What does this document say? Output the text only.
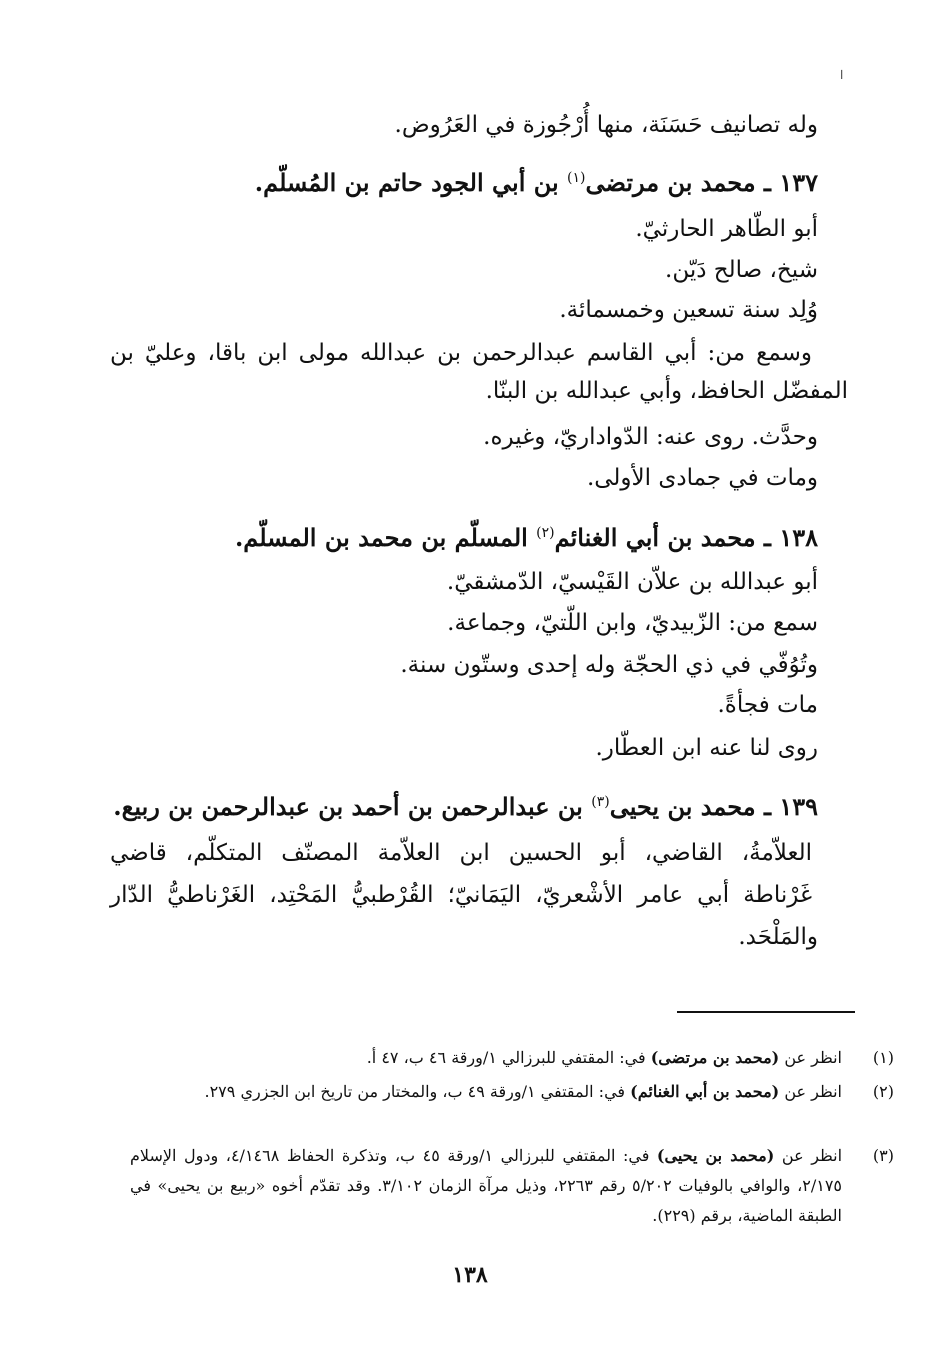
ا
وله تصانيف حَسَنَة، منها أُرْجُوزة في العَرُوض.
١٣٧ ـ محمد بن مرتضى$^{(١)}$ بن أبي الجود حاتم بن المُسلّم.
أبو الطّاهر الحارثيّ.
شيخ، صالح دَيّن.
وُلِد سنة تسعين وخمسمائة.
وسمع من: أبي القاسم عبدالرحمن بن عبدالله مولى ابن باقا، وعليّ بن
المفضّل الحافظ، وأبي عبدالله بن البنّا.
وحدَّث. روى عنه: الدّواداريّ، وغيره.
ومات في جمادى الأولى.
١٣٨ ـ محمد بن أبي الغنائم$^{(٢)}$ المسلّم بن محمد بن المسلّم.
أبو عبدالله بن علاّن القَيْسيّ، الدّمشقيّ.
سمع من: الزّبيديّ، وابن اللّتيّ، وجماعة.
وتُوُفّي في ذي الحجّة وله إحدى وستّون سنة.
مات فجأةً.
روى لنا عنه ابن العطّار.
١٣٩ ـ محمد بن يحيى$^{(٣)}$ بن عبدالرحمن بن أحمد بن عبدالرحمن بن ربيع.
العلاّمةُ، القاضي، أبو الحسين ابن العلاّمة المصنّف المتكلّم، قاضي
غَرْناطة أبي عامر الأشْعريّ، اليَمَانيّ؛ القُرْطبيُّ المَحْتِد، الغَرْناطيُّ الدّار
والمَلْحَد.
(١)
انظر عن (محمد بن مرتضى) في: المقتفي للبرزالي ١/ورقة ٤٦ ب، ٤٧ أ.
(٢)
انظر عن (محمد بن أبي الغنائم) في: المقتفي ١/ورقة ٤٩ ب، والمختار من تاريخ ابن الجزري ٢٧٩.
(٣)
انظر عن (محمد بن يحيى) في: المقتفي للبرزالي ١/ورقة ٤٥ ب، وتذكرة الحفاظ ٤/١٤٦٨، ودول الإسلام ٢/١٧٥، والوافي بالوفيات ٥/٢٠٢ رقم ٢٢٦٣، وذيل مرآة الزمان ٣/١٠٢. وقد تقدّم أخوه «ربيع بن يحيى» في الطبقة الماضية، برقم (٢٢٩).
١٣٨
